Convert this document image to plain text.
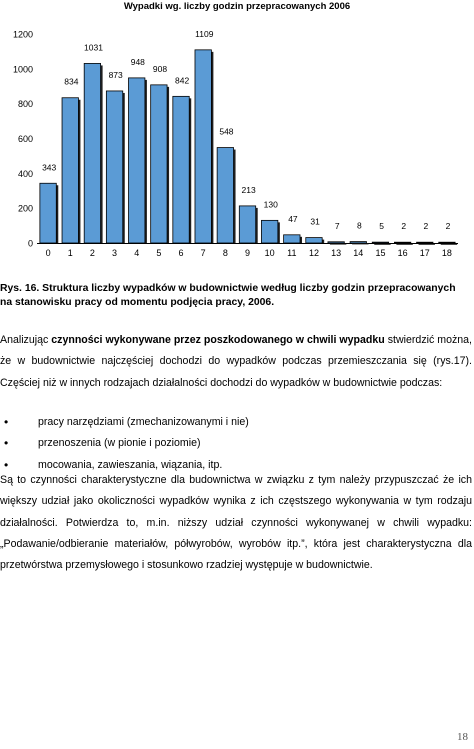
Wypadki wg. liczby godzin przepracowanych 2006
0
200
400
600
800
1000
1200
343
0
834
1
1031
2
873
3
948
4
908
5
842
6
1109
7
548
8
213
9
130
10
47
11
31
12
7
13
8
14
5
15
2
16
2
17
2
18
Rys. 16. Struktura liczby wypadków w budownictwie według liczby godzin przepracowanych na stanowisku pracy od momentu podjęcia pracy, 2006.
Analizując czynności wykonywane przez poszkodowanego w chwili wypadku stwierdzić można, że w budownictwie najczęściej dochodzi do wypadków podczas przemieszczania się (rys.17). Częściej niż w innych rodzajach działalności dochodzi do wypadków w budownictwie podczas:
• pracy narzędziami (zmechanizowanymi i nie)
• przenoszenia (w pionie i poziomie)
• mocowania, zawieszania, wiązania, itp.
Są to czynności charakterystyczne dla budownictwa w związku z tym należy przypuszczać że ich większy udział jako okoliczności wypadków wynika z ich częstszego wykonywania w tym rodzaju działalności. Potwierdza to, m.in. niższy udział czynności wykonywanej w chwili wypadku: „Podawanie/odbieranie materiałów, półwyrobów, wyrobów itp.”, która jest charakterystyczna dla przetwórstwa przemysłowego i stosunkowo rzadziej występuje w budownictwie.
18
